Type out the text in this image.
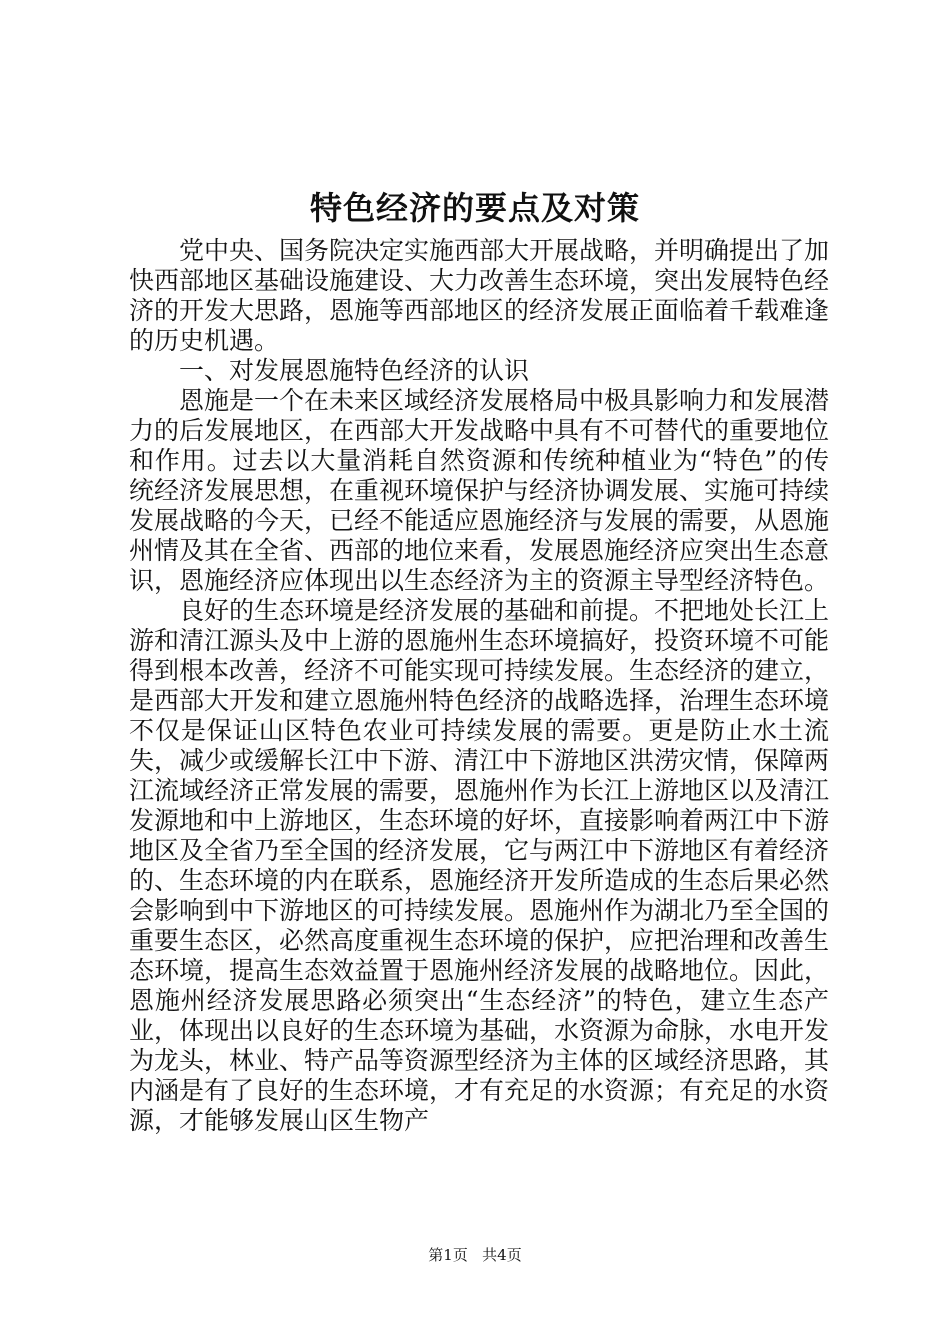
特色经济的要点及对策

党中央、国务院决定实施西部大开展战略，并明确提出了加快西部地区基础设施建设、大力改善生态环境，突出发展特色经济的开发大思路，恩施等西部地区的经济发展正面临着千载难逢的历史机遇。

一、对发展恩施特色经济的认识

恩施是一个在未来区域经济发展格局中极具影响力和发展潜力的后发展地区，在西部大开发战略中具有不可替代的重要地位和作用。过去以大量消耗自然资源和传统种植业为“特色”的传统经济发展思想，在重视环境保护与经济协调发展、实施可持续发展战略的今天，已经不能适应恩施经济与发展的需要，从恩施州情及其在全省、西部的地位来看，发展恩施经济应突出生态意识，恩施经济应体现出以生态经济为主的资源主导型经济特色。

良好的生态环境是经济发展的基础和前提。不把地处长江上游和清江源头及中上游的恩施州生态环境搞好，投资环境不可能得到根本改善，经济不可能实现可持续发展。生态经济的建立，是西部大开发和建立恩施州特色经济的战略选择，治理生态环境不仅是保证山区特色农业可持续发展的需要。更是防止水土流失，减少或缓解长江中下游、清江中下游地区洪涝灾情，保障两江流域经济正常发展的需要，恩施州作为长江上游地区以及清江发源地和中上游地区，生态环境的好坏，直接影响着两江中下游地区及全省乃至全国的经济发展，它与两江中下游地区有着经济的、生态环境的内在联系，恩施经济开发所造成的生态后果必然会影响到中下游地区的可持续发展。恩施州作为湖北乃至全国的重要生态区，必然高度重视生态环境的保护，应把治理和改善生态环境，提高生态效益置于恩施州经济发展的战略地位。因此，恩施州经济发展思路必须突出“生态经济”的特色，建立生态产业，体现出以良好的生态环境为基础，水资源为命脉，水电开发为龙头，林业、特产品等资源型经济为主体的区域经济思路，其内涵是有了良好的生态环境，才有充足的水资源；有充足的水资源，才能够发展山区生物产

第1页 共4页
